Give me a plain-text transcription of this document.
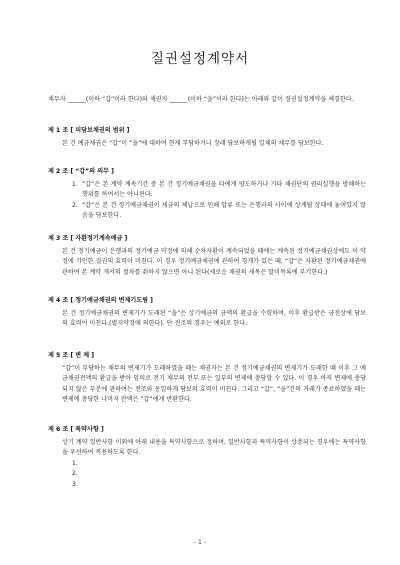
질권설정계약서
채무자 ______(이하 “갑”이라 한다)와 채권자 ______(이하 “을”이라 한다)는 아래와 같이 질권설정계약을 체결한다.
제 1 조 [ 피담보채권의 범위 ]
본 건 예금채권은 “갑”이 “을”에 대하여 현재 부담하거나 장래 담보하게될 일체의 채무를 담보한다.
제 2 조 [ “갑”의 의무 ]
1. “갑”은 본 계약 계속기간 중 본 건 정기예금채권을 타에게 양도하거나 기타 채권단의 권리실행을 방해하는 행위를 하여서는 아니된다.
2. “갑”은 본 건 정기예금채권이 세금의 체납으로 인해 압류 또는 은행과의 사이에 상계될 상태에 놓여있지 않음을 담보한다.
제 3 조 [ 자환정기계속예금 ]
본 건 정기예금이 은행과의 정기예금 약정에 의해 순차자환이 계속되었을 때에는 계속된 정기예금채권상에도 이 약정에 기인한 질권의 효력이 미친다. 이 경우 정기예금채권에 관하여 경개가 있은 때, “갑”은 자환된 정기예금채권에 관하여 본 계약 개서의 절차를 취하지 않으면 아니 된다(새로운 채권의 세목은 말미목록에 부기한다.)
제 4 조 [ 정기예금채권의 변제기도림 ]
본 건 정기예금채권의 변제기가 도래된 “을”은 상기예금의 금액의 환급을 수령하며, 이후 환급받은 금전상에 담보의 효력이 미친다.(별지약정에 의한다). 단 전조의 경우는 예외로 한다.
제 5 조 [ 변 제 ]
“갑”이 부담하는 채무의 변제기가 도래하였을 때는 채권자는 본 건 정기예금채권의 변제기가 도래한 때 이후 그 예금채권전액의 환급을 받아 임의로 전기 채무의 전부 또는 일부의 변제에 충당할 수 있다. 이 경우 아직 변제에 충당되지 않은 부분에 관하여는 전조와 동일하게 담보의 효력이 미친다. 그리고 “갑”, “을”간의 거래가 종료하였을 때는 변제에 충당한 나머지 잔액은 “갑”에게 반환한다.
제 6 조 [ 특약사항 ]
상기 계약 일반사항 이외에 아래 내용을 특약사항으로 정하며, 일반사항과 특약사항이 상충되는 경우에는 특약사항을 우선하여 적용하도록 한다.
1.
2.
3.
- 1 -
